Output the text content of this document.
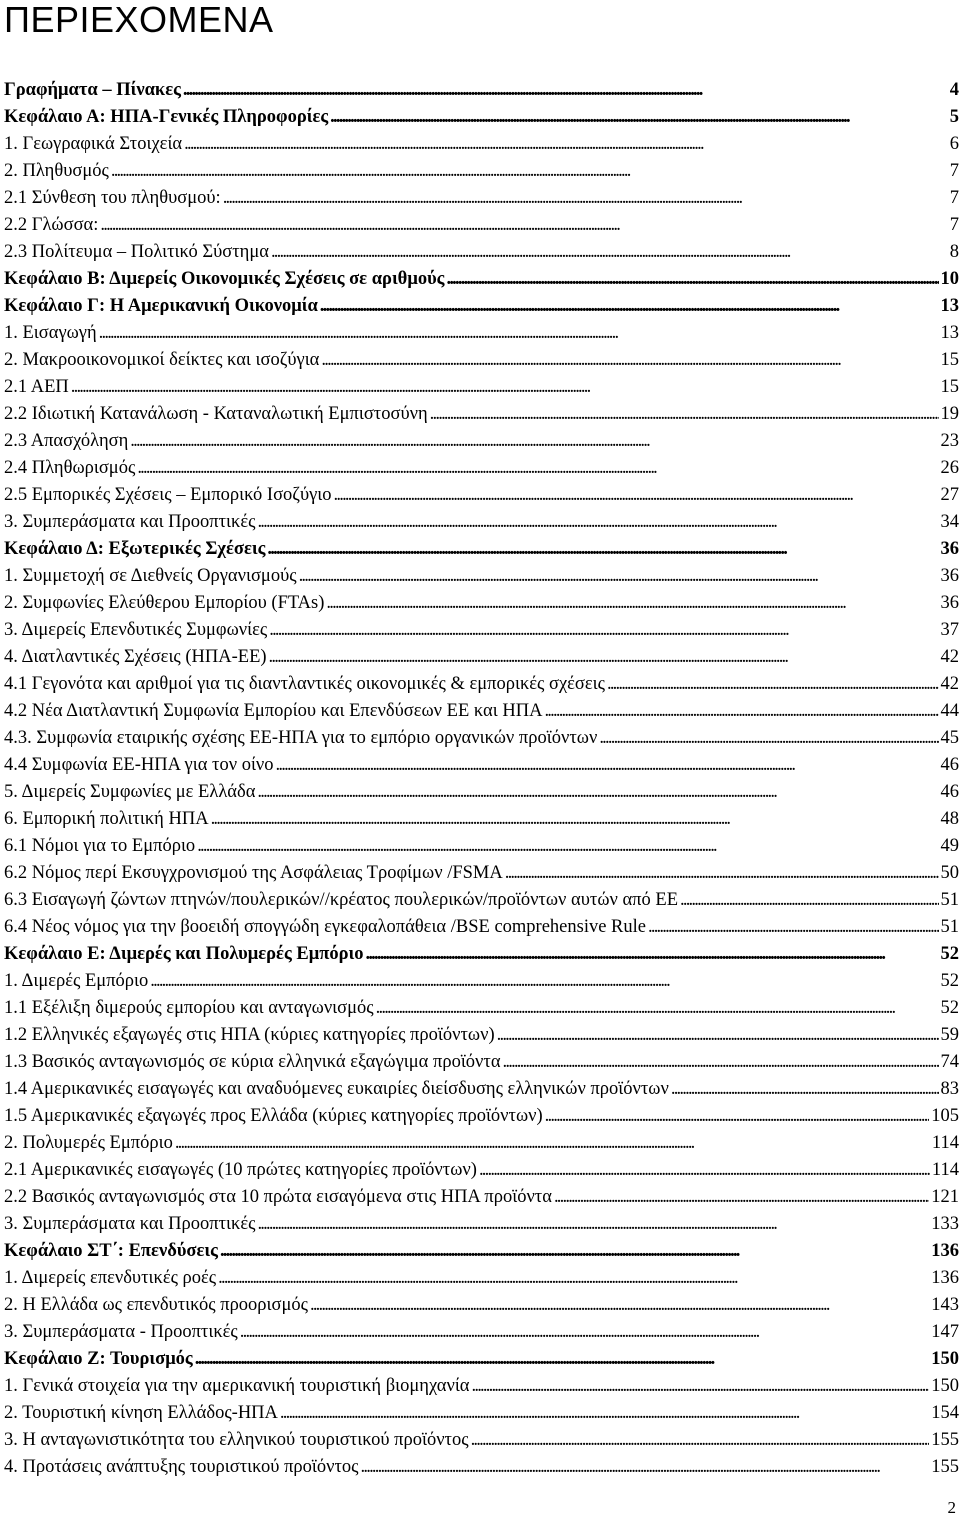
ΠΕΡΙΕΧΟΜΕΝΑ
Γραφήματα – Πίνακες . . .	4
Κεφάλαιο Α: ΗΠΑ-Γενικές Πληροφορίες . . .	5
1. Γεωγραφικά Στοιχεία . . .	6
2. Πληθυσμός . . .	7
2.1 Σύνθεση του πληθυσμού: . . .	7
2.2 Γλώσσα: . . .	7
2.3 Πολίτευμα – Πολιτικό Σύστημα . . .	8
Κεφάλαιο Β: Διμερείς Οικονομικές Σχέσεις σε αριθμούς . . .	10
Κεφάλαιο Γ: Η Αμερικανική Οικονομία . . .	13
1. Εισαγωγή . . .	13
2. Μακροοικονομικοί δείκτες και ισοζύγια . . .	15
2.1 ΑΕΠ . . .	15
2.2 Ιδιωτική Κατανάλωση - Καταναλωτική Εμπιστοσύνη . . .	19
2.3 Απασχόληση . . .	23
2.4 Πληθωρισμός . . .	26
2.5 Εμπορικές Σχέσεις – Εμπορικό Ισοζύγιο . . .	27
3. Συμπεράσματα και Προοπτικές . . .	34
Κεφάλαιο Δ: Εξωτερικές Σχέσεις . . .	36
1. Συμμετοχή σε Διεθνείς Οργανισμούς . . .	36
2. Συμφωνίες Ελεύθερου Εμπορίου (FTAs) . . .	36
3. Διμερείς Επενδυτικές Συμφωνίες . . .	37
4. Διατλαντικές Σχέσεις (ΗΠΑ-ΕΕ) . . .	42
4.1 Γεγονότα και αριθμοί για τις διαντλαντικές οικονομικές & εμπορικές σχέσεις . . .	42
4.2 Νέα Διατλαντική Συμφωνία Εμπορίου και Επενδύσεων ΕΕ και ΗΠΑ . . .	44
4.3. Συμφωνία εταιρικής σχέσης ΕΕ-ΗΠΑ για το εμπόριο οργανικών προϊόντων . . .	45
4.4 Συμφωνία ΕΕ-ΗΠΑ για τον οίνο . . .	46
5. Διμερείς Συμφωνίες με Ελλάδα . . .	46
6. Εμπορική πολιτική ΗΠΑ . . .	48
6.1 Νόμοι για το Εμπόριο . . .	49
6.2 Νόμος περί Εκσυγχρονισμού της Ασφάλειας Τροφίμων /FSMA . . .	50
6.3 Εισαγωγή ζώντων πτηνών/πουλερικών//κρέατος πουλερικών/προϊόντων αυτών από ΕΕ . . .	51
6.4 Νέος νόμος για την βοοειδή σπογγώδη εγκεφαλοπάθεια /BSE comprehensive Rule . . .	51
Κεφάλαιο Ε: Διμερές και Πολυμερές Εμπόριο . . .	52
1. Διμερές Εμπόριο . . .	52
1.1 Εξέλιξη διμερούς εμπορίου και ανταγωνισμός . . .	52
1.2 Ελληνικές εξαγωγές στις ΗΠΑ (κύριες κατηγορίες προϊόντων) . . .	59
1.3 Βασικός ανταγωνισμός σε κύρια ελληνικά εξαγώγιμα προϊόντα . . .	74
1.4 Αμερικανικές εισαγωγές και αναδυόμενες ευκαιρίες διείσδυσης ελληνικών προϊόντων . . .	83
1.5 Αμερικανικές εξαγωγές προς Ελλάδα (κύριες κατηγορίες προϊόντων) . . .	105
2. Πολυμερές Εμπόριο . . .	114
2.1 Αμερικανικές εισαγωγές (10 πρώτες κατηγορίες προϊόντων) . . .	114
2.2 Βασικός ανταγωνισμός στα 10 πρώτα εισαγόμενα στις ΗΠΑ προϊόντα . . .	121
3. Συμπεράσματα και Προοπτικές . . .	133
Κεφάλαιο ΣΤ΄: Επενδύσεις . . .	136
1. Διμερείς επενδυτικές ροές . . .	136
2. Η Ελλάδα ως επενδυτικός προορισμός . . .	143
3. Συμπεράσματα - Προοπτικές . . .	147
Κεφάλαιο Ζ: Τουρισμός . . .	150
1. Γενικά στοιχεία για την αμερικανική τουριστική βιομηχανία . . .	150
2. Τουριστική κίνηση Ελλάδος-ΗΠΑ . . .	154
3. Η ανταγωνιστικότητα του ελληνικού τουριστικού προϊόντος . . .	155
4. Προτάσεις ανάπτυξης τουριστικού προϊόντος . . .	155
2
